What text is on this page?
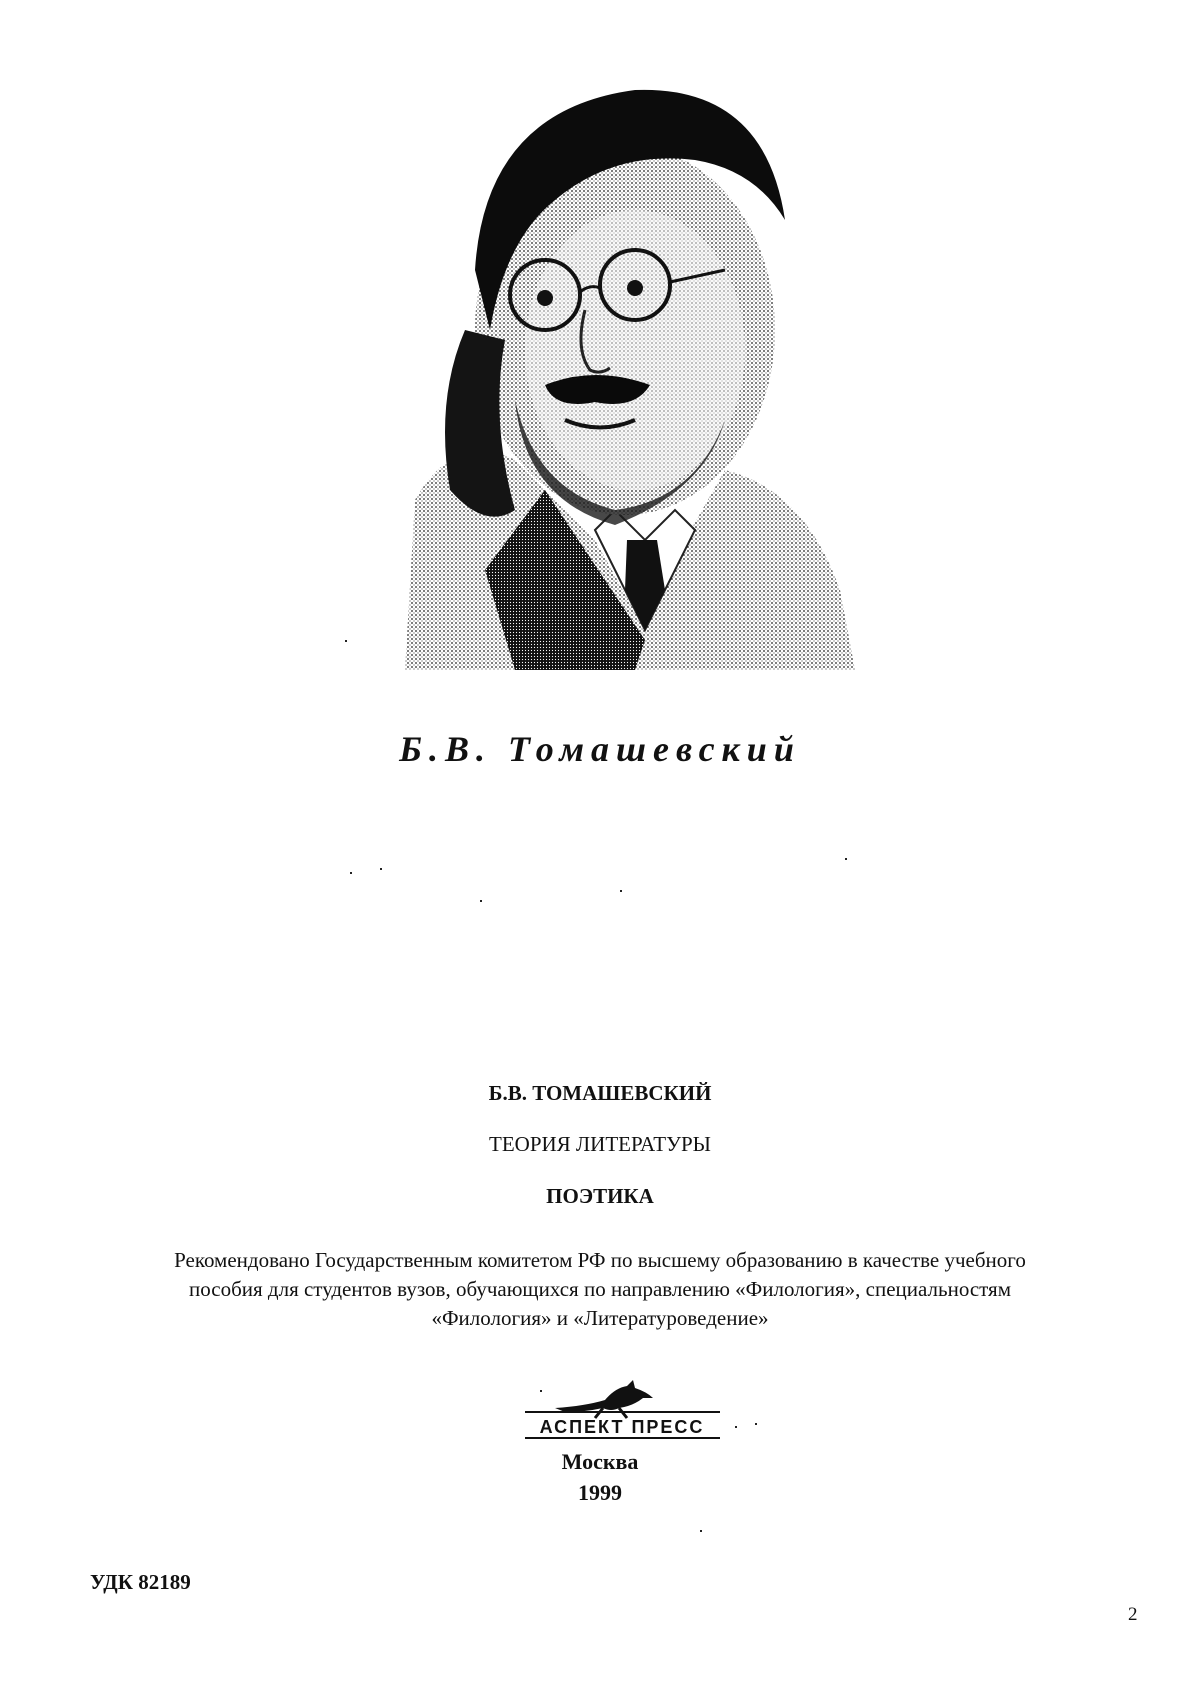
Б.В. Томашевский
Б.В. ТОМАШЕВСКИЙ
ТЕОРИЯ ЛИТЕРАТУРЫ
ПОЭТИКА
Рекомендовано Государственным комитетом РФ по высшему образованию в качестве учебного
пособия для студентов вузов, обучающихся по направлению «Филология», специальностям
«Филология» и «Литературоведение»
АСПЕКТ ПРЕСС
Москва
1999
УДК 82189
2
